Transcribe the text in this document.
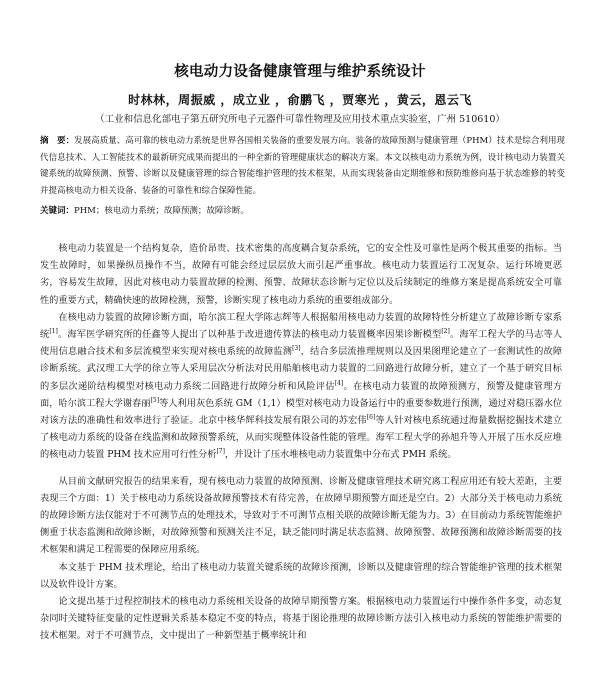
核电动力设备健康管理与维护系统设计
时林林，周振威 ，成立业 ，俞鹏飞 ，贾寒光 ，黄云，恩云飞
（工业和信息化部电子第五研究所电子元器件可靠性物理及应用技术重点实验室，广州 510610）
摘　要：发展高质量、高可靠的核电动力系统是世界各国相关装备的重要发展方向。装备的故障预测与健康管理（PHM）技术是综合利用现代信息技术、人工智能技术的最新研究成果而提出的一种全新的管理健康状态的解决方案。本文以核电动力系统为例，设计核电动力装置关键系统的故障预测、预警、诊断以及健康管理的综合智能维护管理的技术框架，从而实现装备由定期维修和预防维修向基于状态维修的转变并提高核电动力相关设备、装备的可靠性和综合保障性能。
关键词：PHM；核电动力系统；故障预测；故障诊断。

核电动力装置是一个结构复杂，造价昂贵、技术密集的高度耦合复杂系统，它的安全性及可靠性是两个极其重要的指标。当发生故障时，如果操纵员操作不当，故障有可能会经过层层放大而引起严重事故。核电动力装置运行工况复杂、运行环境更恶劣，容易发生故障，因此对核电动力装置故障的检测、预警、故障状态诊断与定位以及后续制定的维修方案是提高系统安全可靠性的重要方式，精确快速的故障检测，预警，诊断实现了核电动力系统的重要组成部分。

在核电动力装置的故障诊断方面，哈尔滨工程大学陈志辉等人根据船用核电动力装置的故障特性分析建立了故障诊断专家系统[1]。海军医学研究所的任鑫等人提出了以种基于改进遗传算法的核电动力装置概率因果诊断模型[2]。海军工程大学的马志等人使用信息融合技术和多层流模型来实现对核电系统的故障监测[3]，结合多层流推理规则以及因果图理论建立了一套测试性的故障诊断系统。武汉理工大学的徐立等人采用层次分析法对民用船舶核电动力装置的二回路进行故障分析，建立了一个基于研究目标的多层次递阶结构模型对核电动力系统二回路进行故障分析和风险评估[4]。在核电动力装置的故障预测方，预警及健康管理方面，哈尔滨工程大学谢春丽[5]等人利用灰色系统 GM（1,1）模型对核电动力设备运行中的重要参数进行预测，通过对稳压器水位对该方法的准确性和效率进行了验证。北京中核华辉科技发展有限公司的苏宏伟[6]等人针对核电系统通过海量数据挖掘技术建立了核电动力系统的设备在线监测和故障预警系统，从而实现整体设备性能的管理。海军工程大学的孙旭升等人开展了压水反应堆的核电动力装置 PHM 技术应用可行性分析[7]，并设计了压水堆核电动力装置集中分布式 PMH 系统。

从目前文献研究报告的结果来看，现有核电动力装置的故障预测、诊断及健康管理技术研究离工程应用还有较大差距，主要表现三个方面：1）关于核电动力系统设备故障预警技术有待完善，在故障早期预警方面还是空白。2）大部分关于核电动力系统的故障诊断方法仅能对于不可测节点的处理技术，导致对于不可测节点相关联的故障诊断无能为力。3）在目前动力系统智能维护侧重于状态监测和故障诊断，对故障预警和预测关注不足，缺乏能同时满足状态监测、故障预警、故障预测和故障诊断需要的技术框架和满足工程需要的保障应用系统。

本文基于 PHM 技术理论，给出了核电动力装置关键系统的故障诊预测，诊断以及健康管理的综合智能维护管理的技术框架以及软件设计方案。

论文提出基于过程控制技术的核电动力系统相关设备的故障早期预警方案。根据核电动力装置运行中操作条件多变，动态复杂同时关键特征变量的定性逻辑关系基本稳定不变的特点，将基于图论推理的故障诊断方法引入核电动力系统的智能维护需要的技术框架。对于不可测节点，文中提出了一种新型基于概率统计和
